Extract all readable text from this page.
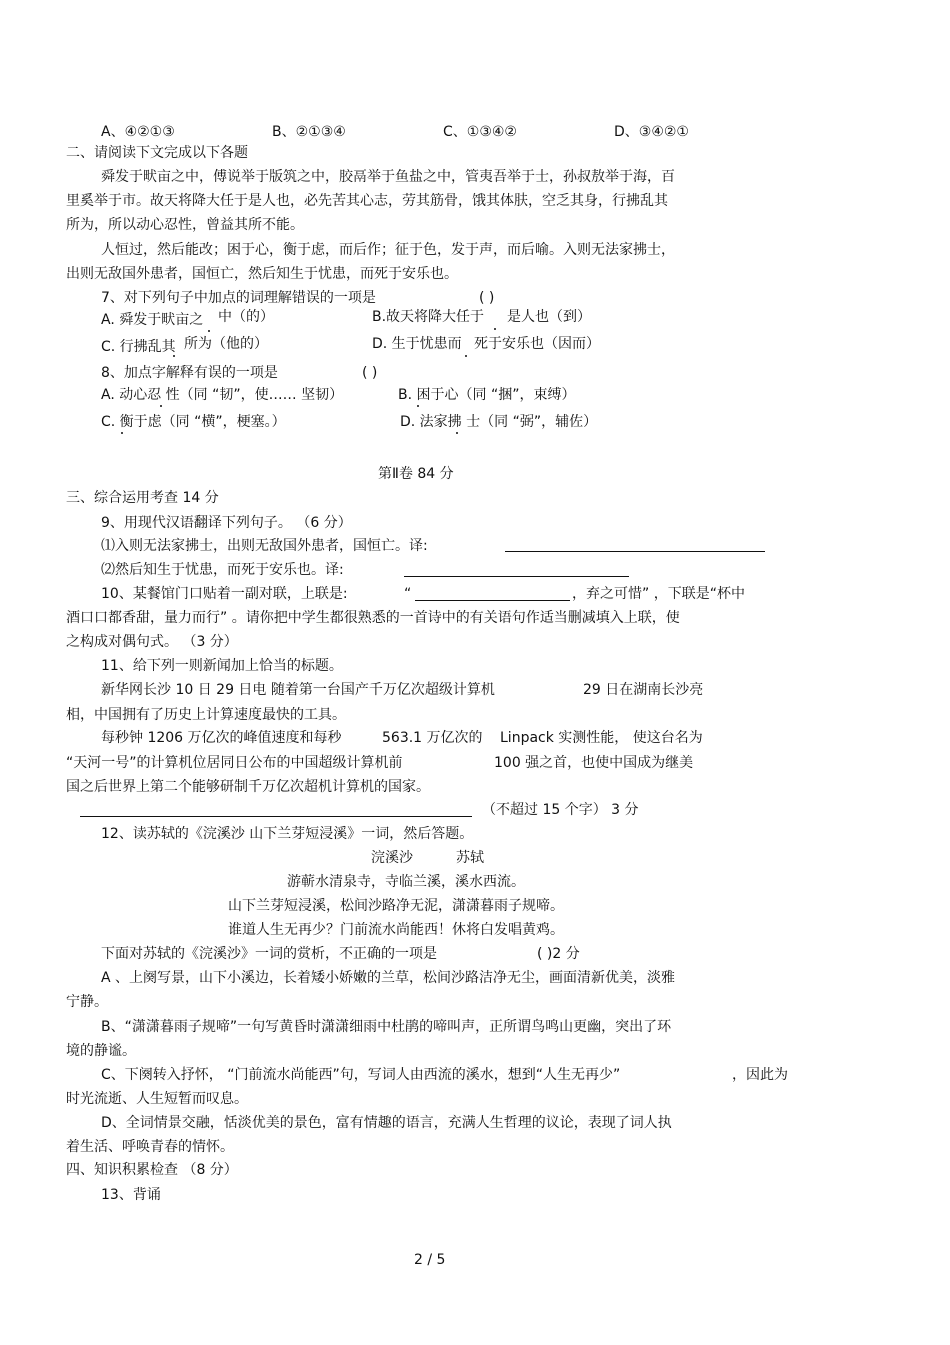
A、④②①③	B、②①③④	C、①③④②	D、③④②①
二、请阅读下文完成以下各题
舜发于畎亩之中，傅说举于版筑之中，胶鬲举于鱼盐之中，管夷吾举于士，孙叔敖举于海，百
里奚举于市。故天将降大任于是人也，必先苦其心志，劳其筋骨，饿其体肤，空乏其身，行拂乱其
所为，所以动心忍性，曾益其所不能。
人恒过，然后能改；困于心，衡于虑，而后作；征于色，发于声，而后喻。入则无法家拂士，
出则无敌国外患者，国恒亡，然后知生于忧患，而死于安乐也。
7、对下列句子中加点的词理解错误的一项是	( )
A. 舜发于畎亩之 中（的）	B.故天将降大任于 是人也（到）
C. 行拂乱其 所为（他的）	D. 生于忧患而 死于安乐也（因而）
8、加点字解释有误的一项是	( )
A. 动心忍 性（同 “韧”，使…… 坚韧）	B. 困于心（同 “捆”，束缚）
C. 衡于虑（同 “横”，梗塞。）	D. 法家拂 士（同 “弼”，辅佐）
第Ⅱ卷 84 分
三、综合运用考查 14 分
9、用现代汉语翻译下列句子。 （6 分）
⑴入则无法家拂士，出则无敌国外患者，国恒亡。译:
⑵然后知生于忧患，而死于安乐也。译:
10、某餐馆门口贴着一副对联，上联是:	“	，弃之可惜” ，下联是“杯中
酒口口都香甜，量力而行” 。请你把中学生都很熟悉的一首诗中的有关语句作适当删减填入上联，使
之构成对偶句式。 （3 分）
11、给下列一则新闻加上恰当的标题。
新华网长沙 10 日 29 日电 随着第一台国产千万亿次超级计算机	29 日在湖南长沙亮
相，中国拥有了历史上计算速度最快的工具。
每秒钟 1206 万亿次的峰值速度和每秒	563.1 万亿次的 Linpack 实测性能， 使这台名为
“天河一号”的计算机位居同日公布的中国超级计算机前	100 强之首，也使中国成为继美
国之后世界上第二个能够研制千万亿次超机计算机的国家。
（不超过 15 个字） 3 分
12、读苏轼的《浣溪沙 山下兰芽短浸溪》一词，然后答题。
浣溪沙	苏轼
游蕲水清泉寺，寺临兰溪，溪水西流。
山下兰芽短浸溪，松间沙路净无泥，潇潇暮雨子规啼。
谁道人生无再少？门前流水尚能西！休将白发唱黄鸡。
下面对苏轼的《浣溪沙》一词的赏析，不正确的一项是	( )2 分
A 、上阕写景，山下小溪边，长着矮小娇嫩的兰草，松间沙路洁净无尘，画面清新优美，淡雅
宁静。
B、“潇潇暮雨子规啼”一句写黄昏时潇潇细雨中杜鹃的啼叫声，正所谓鸟鸣山更幽，突出了环
境的静谧。
C、下阕转入抒怀， “门前流水尚能西”句，写词人由西流的溪水，想到“人生无再少”	，因此为
时光流逝、人生短暂而叹息。
D、全词情景交融，恬淡优美的景色，富有情趣的语言，充满人生哲理的议论，表现了词人执
着生活、呼唤青春的情怀。
四、知识积累检查 （8 分）
13、背诵
2 / 5
